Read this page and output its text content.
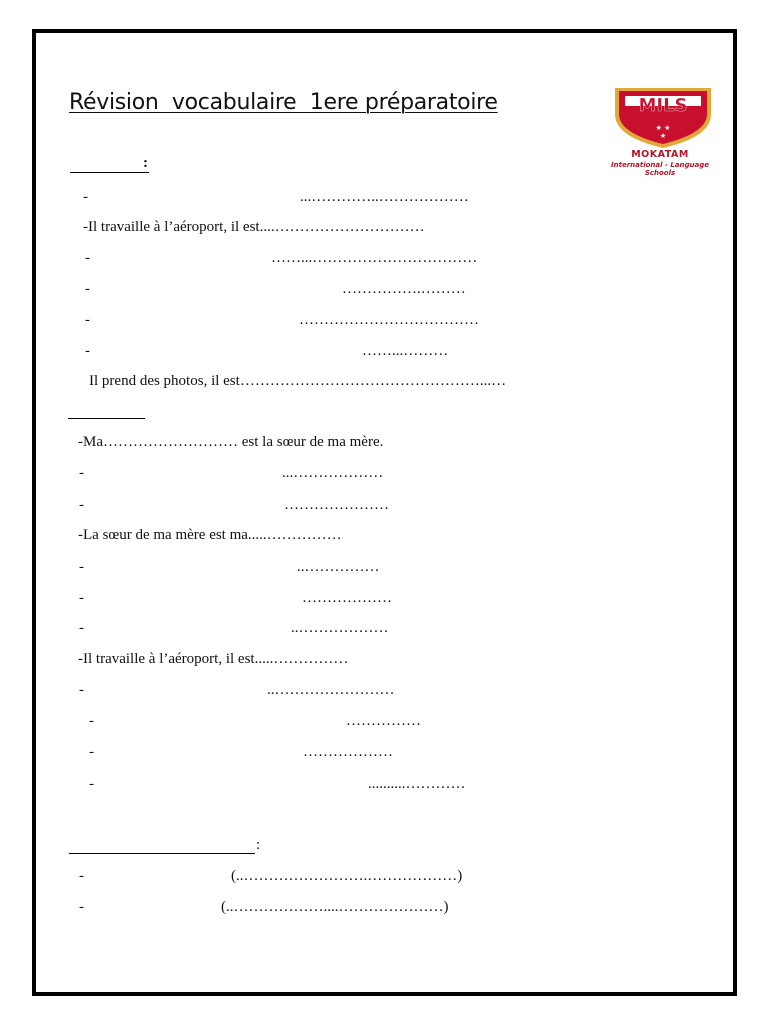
Révision  vocabulaire  1ere préparatoire	MILS
★ ★
★
MOKATAM
International - Language
Schools
:
-	...…………..………………
-Il travaille à l’aéroport, il est....…………………………
-	……...……………………………
-	…………….………
-	………………………………
-	……...………
Il prend des photos, il est…………………………………………...…
-Ma……………………… est la sœur de ma mère.
-	...………………
-	…………………
-La sœur de ma mère est ma.....……………
-	..……………
-	………………
-	..………………
-Il travaille à l’aéroport, il est.....……………
-	..……………………
-	……………
-	………………
-	..........…………
:
-	(..…………………….………………)
-	(..………………....…………………)
